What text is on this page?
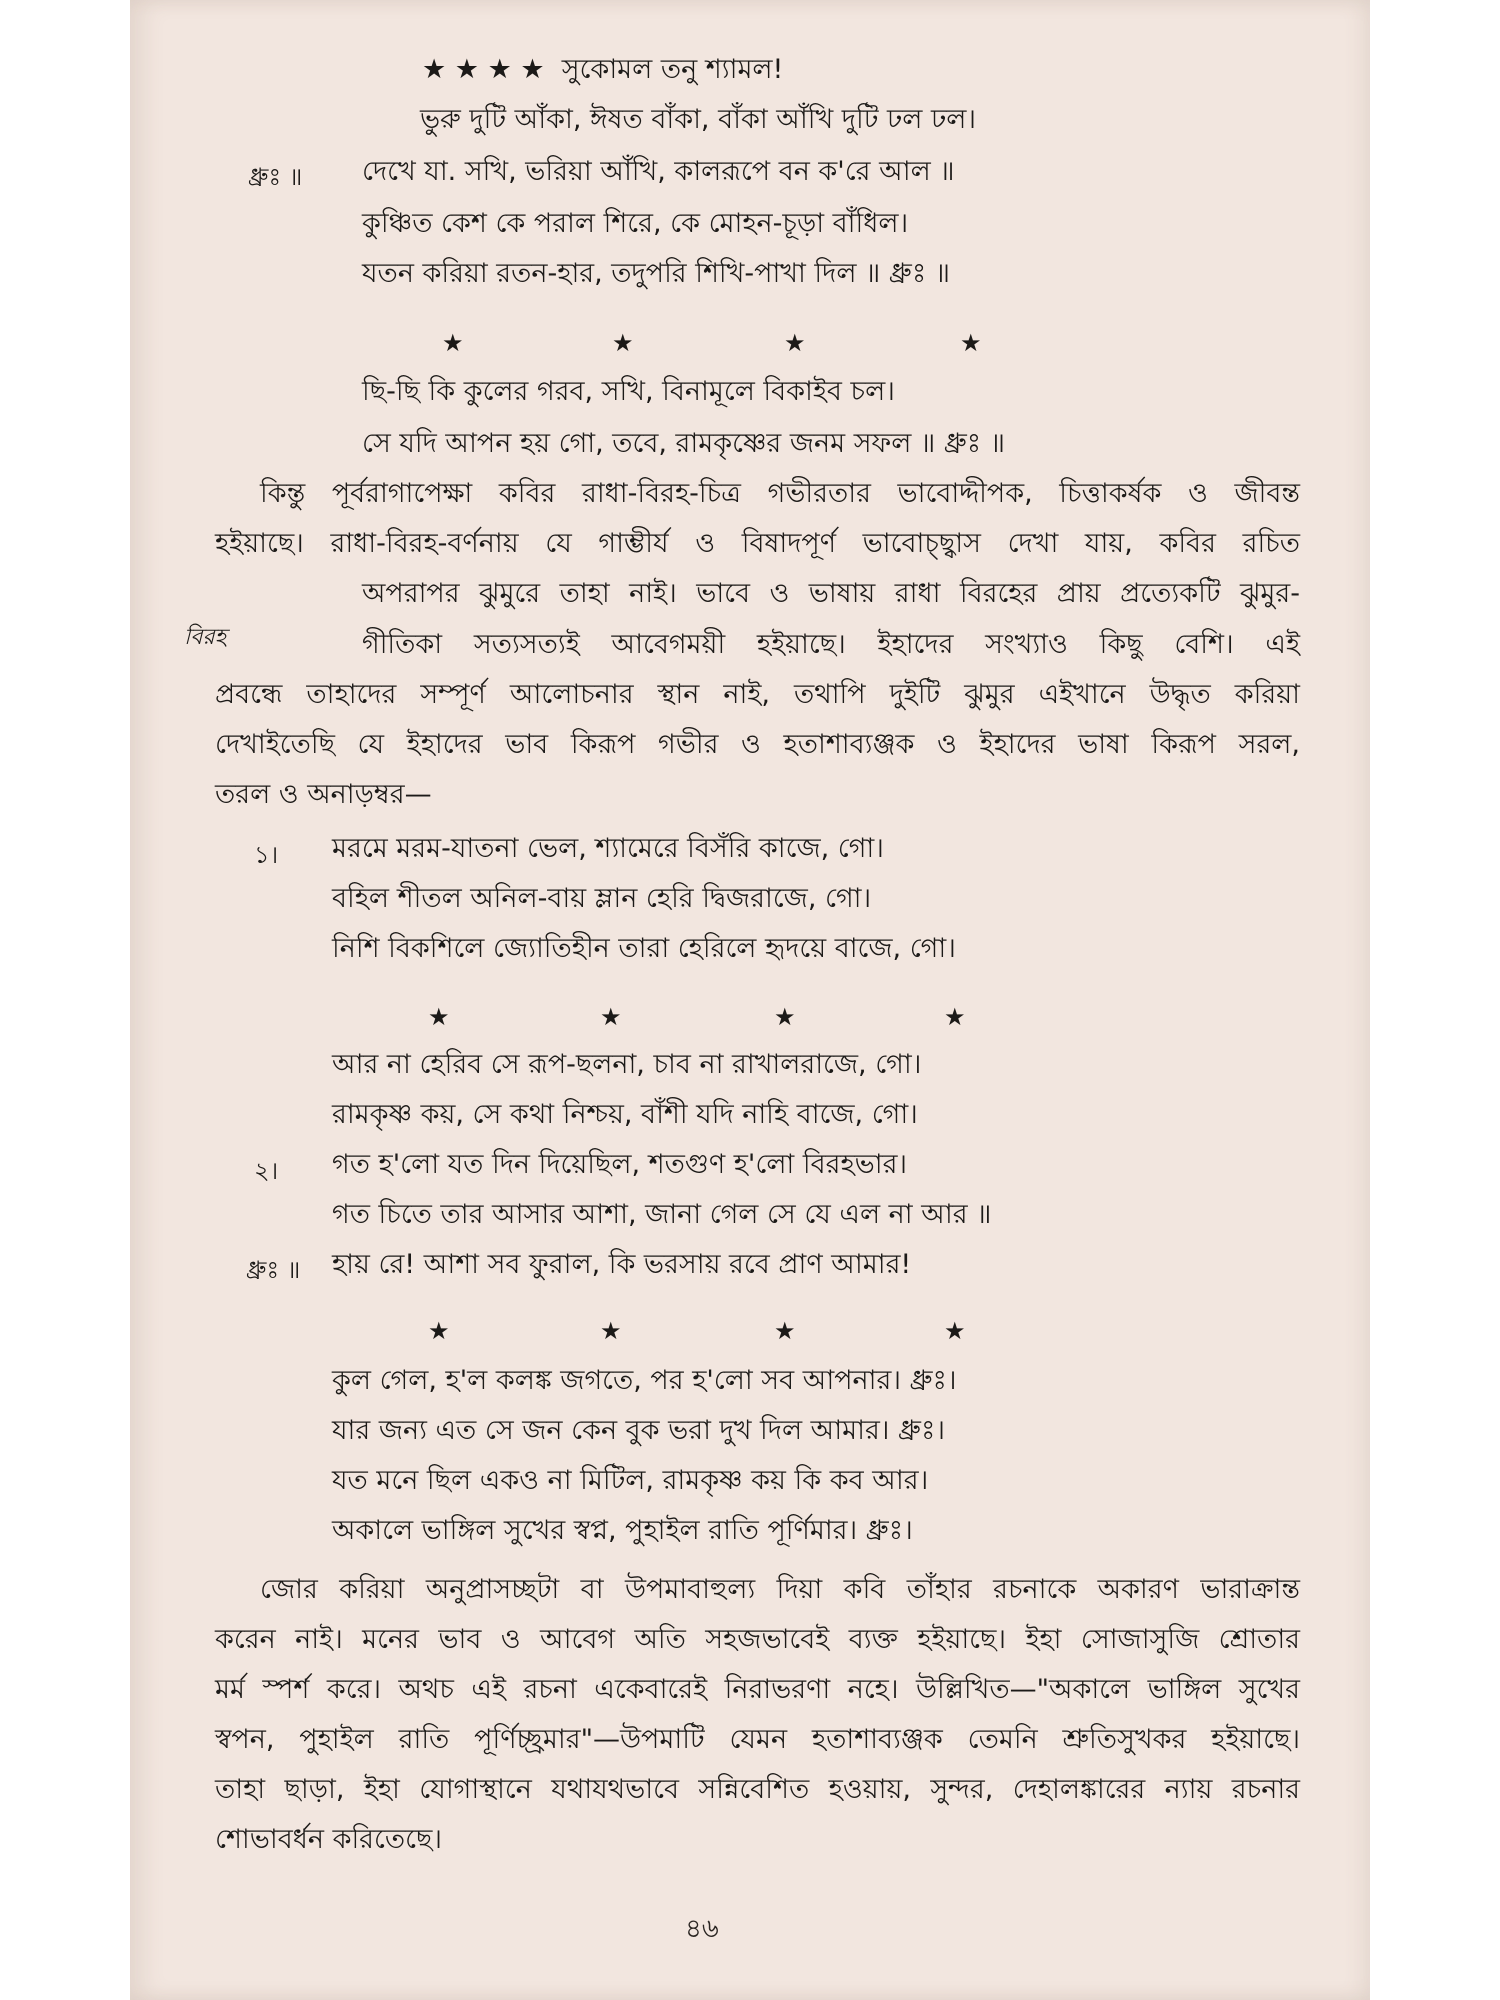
★ ★ ★ ★ সুকোমল তনু শ্যামল!
ভুরু দুটি আঁকা, ঈষত বাঁকা, বাঁকা আঁখি দুটি ঢল ঢল।
ধ্রুঃ ॥ দেখে যা. সখি, ভরিয়া আঁখি, কালরূপে বন ক'রে আল ॥
কুঞ্চিত কেশ কে পরাল শিরে, কে মোহন-চূড়া বাঁধিল।
যতন করিয়া রতন-হার, তদুপরি শিখি-পাখা দিল ॥ ধ্রুঃ ॥
★	★	★	★
ছি-ছি কি কুলের গরব, সখি, বিনামূলে বিকাইব চল।
সে যদি আপন হয় গো, তবে, রামকৃষ্ণের জনম সফল ॥ ধ্রুঃ ॥
কিন্তু পূর্বরাগাপেক্ষা কবির রাধা-বিরহ-চিত্র গভীরতার ভাবোদ্দীপক, চিত্তাকর্ষক ও জীবন্ত
হইয়াছে। রাধা-বিরহ-বর্ণনায় যে গাম্ভীর্য ও বিষাদপূর্ণ ভাবোচ্ছ্বাস দেখা যায়, কবির রচিত
অপরাপর ঝুমুরে তাহা নাই। ভাবে ও ভাষায় রাধা বিরহের প্রায় প্রত্যেকটি ঝুমুর-
বিরহ	গীতিকা সত্যসত্যই আবেগময়ী হইয়াছে। ইহাদের সংখ্যাও কিছু বেশি। এই
প্রবন্ধে তাহাদের সম্পূর্ণ আলোচনার স্থান নাই, তথাপি দুইটি ঝুমুর এইখানে উদ্ধৃত করিয়া
দেখাইতেছি যে ইহাদের ভাব কিরূপ গভীর ও হতাশাব্যঞ্জক ও ইহাদের ভাষা কিরূপ সরল,
তরল ও অনাড়ম্বর—
১। মরমে মরম-যাতনা ভেল, শ্যামেরে বিসঁরি কাজে, গো।
বহিল শীতল অনিল-বায় ম্লান হেরি দ্বিজরাজে, গো।
নিশি বিকশিলে জ্যোতিহীন তারা হেরিলে হৃদয়ে বাজে, গো।
★	★	★	★
আর না হেরিব সে রূপ-ছলনা, চাব না রাখালরাজে, গো।
রামকৃষ্ণ কয়, সে কথা নিশ্চয়, বাঁশী যদি নাহি বাজে, গো।
২। গত হ'লো যত দিন দিয়েছিল, শতগুণ হ'লো বিরহভার।
গত চিতে তার আসার আশা, জানা গেল সে যে এল না আর ॥
ধ্রুঃ ॥ হায় রে! আশা সব ফুরাল, কি ভরসায় রবে প্রাণ আমার!
★	★	★	★
কুল গেল, হ'ল কলঙ্ক জগতে, পর হ'লো সব আপনার। ধ্রুঃ।
যার জন্য এত সে জন কেন বুক ভরা দুখ দিল আমার। ধ্রুঃ।
যত মনে ছিল একও না মিটিল, রামকৃষ্ণ কয় কি কব আর।
অকালে ভাঙ্গিল সুখের স্বপ্ন, পুহাইল রাতি পূর্ণিমার। ধ্রুঃ।
জোর করিয়া অনুপ্রাসচ্ছটা বা উপমাবাহুল্য দিয়া কবি তাঁহার রচনাকে অকারণ ভারাক্রান্ত
করেন নাই। মনের ভাব ও আবেগ অতি সহজভাবেই ব্যক্ত হইয়াছে। ইহা সোজাসুজি শ্রোতার
মর্ম স্পর্শ করে। অথচ এই রচনা একেবারেই নিরাভরণা নহে। উল্লিখিত—"অকালে ভাঙ্গিল সুখের
স্বপন, পুহাইল রাতি পূর্ণিচ্ছ্রমার"—উপমাটি যেমন হতাশাব্যঞ্জক তেমনি শ্রুতিসুখকর হইয়াছে।
তাহা ছাড়া, ইহা যোগাস্থানে যথাযথভাবে সন্নিবেশিত হওয়ায়, সুন্দর, দেহালঙ্কারের ন্যায় রচনার
শোভাবর্ধন করিতেছে।
৪৬
